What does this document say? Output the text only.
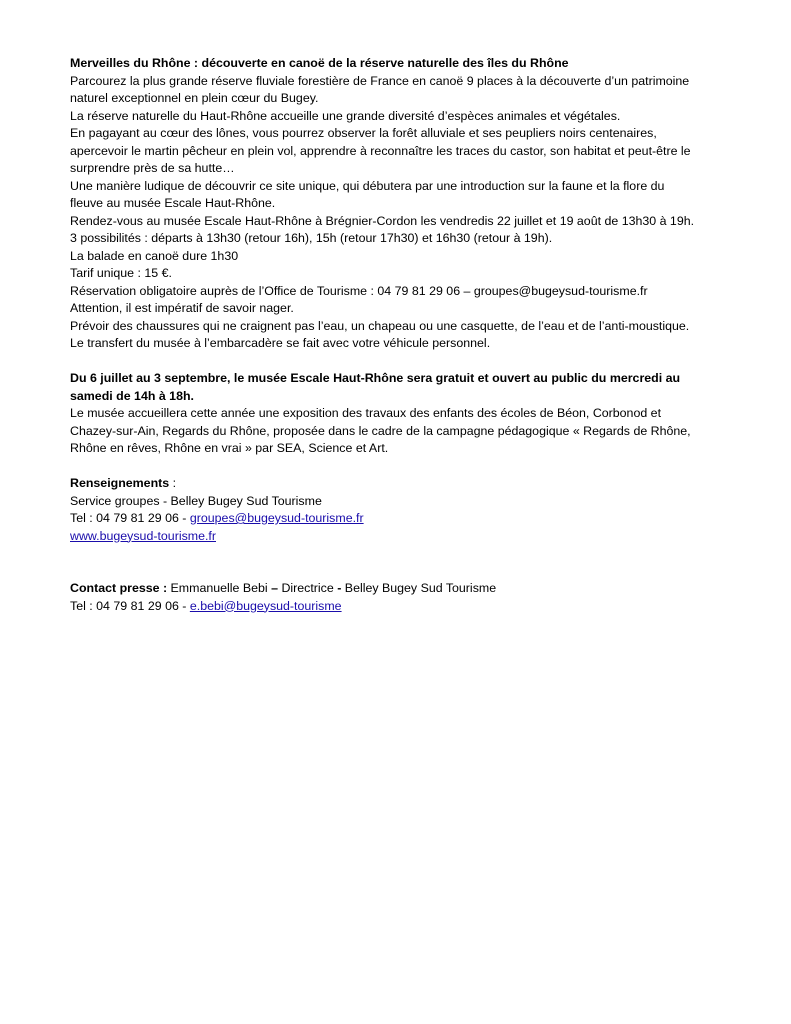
Merveilles du Rhône : découverte en canoë de la réserve naturelle des îles du Rhône
Parcourez la plus grande réserve fluviale forestière de France en canoë 9 places à la découverte d’un patrimoine
naturel exceptionnel en plein cœur du Bugey.
La réserve naturelle du Haut-Rhône accueille une grande diversité d’espèces animales et végétales.
En pagayant au cœur des lônes, vous pourrez observer la forêt alluviale et ses peupliers noirs centenaires,
apercevoir le martin pêcheur en plein vol, apprendre à reconnaître les traces du castor, son habitat et peut-être le
surprendre près de sa hutte…
Une manière ludique de découvrir ce site unique, qui débutera par une introduction sur la faune et la flore du
fleuve au musée Escale Haut-Rhône.
Rendez-vous au musée Escale Haut-Rhône à Brégnier-Cordon les vendredis 22 juillet et 19 août de 13h30 à 19h.
3 possibilités : départs à 13h30 (retour 16h), 15h (retour 17h30) et 16h30 (retour à 19h).
La balade en canoë dure 1h30
Tarif unique : 15 €.
Réservation obligatoire auprès de l’Office de Tourisme : 04 79 81 29 06 – groupes@bugeysud-tourisme.fr
Attention, il est impératif de savoir nager.
Prévoir des chaussures qui ne craignent pas l’eau, un chapeau ou une casquette, de l’eau et de l’anti-moustique.
Le transfert du musée à l’embarcadère se fait avec votre véhicule personnel.
Du 6 juillet au 3 septembre, le musée Escale Haut-Rhône sera gratuit et ouvert au public du mercredi au
samedi de 14h à 18h.
Le musée accueillera cette année une exposition des travaux des enfants des écoles de Béon, Corbonod et
Chazey-sur-Ain, Regards du Rhône, proposée dans le cadre de la campagne pédagogique « Regards de Rhône,
Rhône en rêves, Rhône en vrai » par SEA, Science et Art.
Renseignements :
Service groupes - Belley Bugey Sud Tourisme
Tel : 04 79 81 29 06 - groupes@bugeysud-tourisme.fr
www.bugeysud-tourisme.fr
Contact presse : Emmanuelle Bebi – Directrice - Belley Bugey Sud Tourisme
Tel : 04 79 81 29 06 - e.bebi@bugeysud-tourisme
